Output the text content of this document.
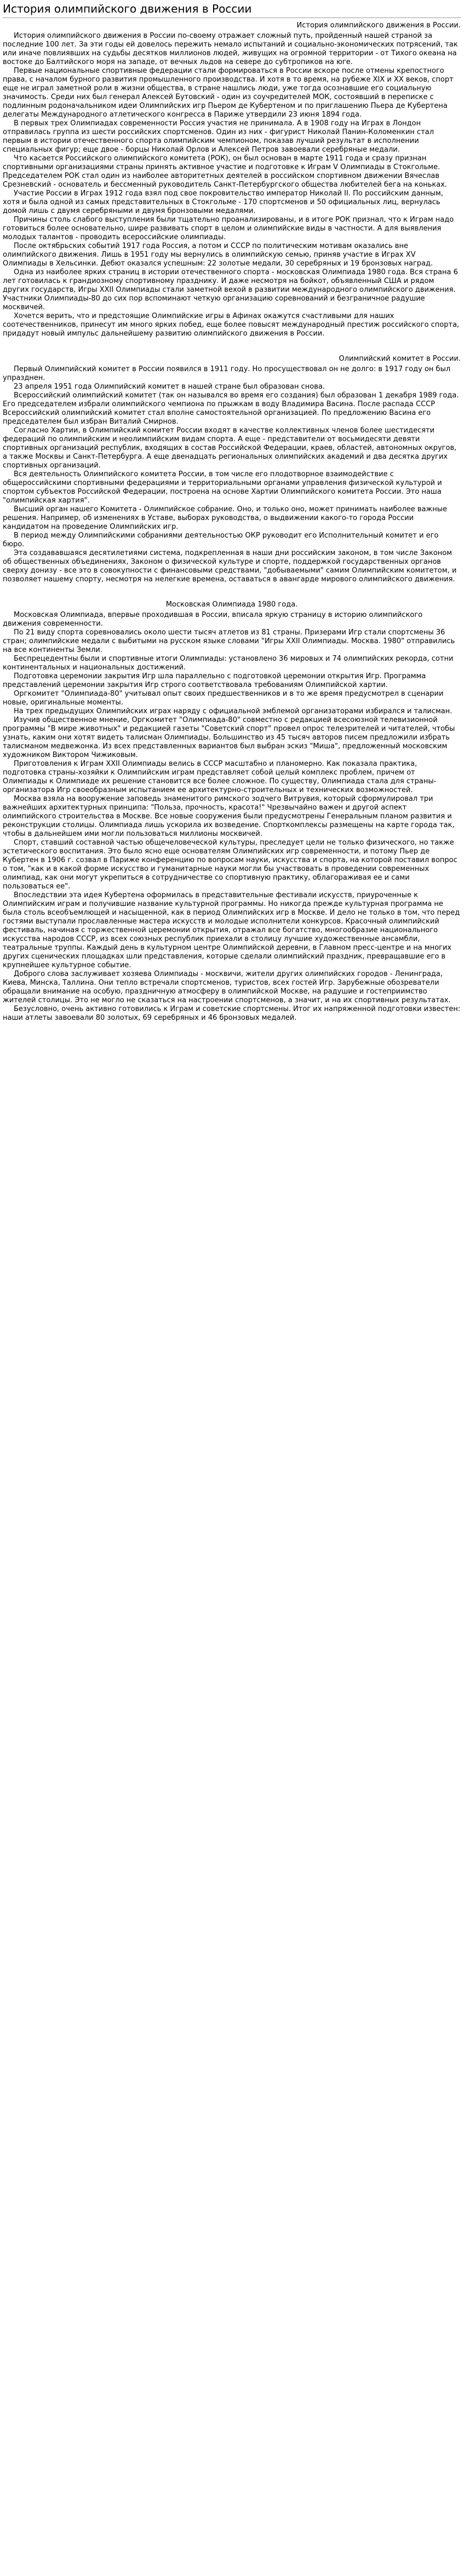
История олимпийского движения в России
История олимпийского движения в России.

История олимпийского движения в России по-своему отражает сложный путь, пройденный нашей страной за последние 100 лет. За эти годы ей довелось пережить немало испытаний и социально-экономических потрясений, так или иначе повлиявших на судьбы десятков миллионов людей, живущих на огромной территории - от Тихого океана на востоке до Балтийского моря на западе, от вечных льдов на севере до субтропиков на юге.

Первые национальные спортивные федерации стали формироваться в России вскоре после отмены крепостного права, с началом бурного развития промышленного производства. И хотя в то время, на рубеже XIX и XX веков, спорт еще не играл заметной роли в жизни общества, в стране нашлись люди, уже тогда осознавшие его социальную значимость. Среди них был генерал Алексей Бутовский - один из соучредителей МОК, состоявший в переписке с подлинным родоначальником идеи Олимпийских игр Пьером де Кубертеном и по приглашению Пьера де Кубертена делегаты Международного атлетического конгресса в Париже утвердили 23 июня 1894 года.

В первых трех Олимпиадах современности Россия участия не принимала. А в 1908 году на Играх в Лондон отправилась группа из шести российских спортсменов. Один из них - фигурист Николай Панин-Коломенкин стал первым в истории отечественного спорта олимпийским чемпионом, показав лучший результат в исполнении специальных фигур; еще двое - борцы Николай Орлов и Алексей Петров завоевали серебряные медали.

Что касается Российского олимпийского комитета (РОК), он был основан в марте 1911 года и сразу признан спортивными организациями страны принять активное участие и подготовке к Играм V Олимпиады в Стокгольме. Председателем РОК стал один из наиболее авторитетных деятелей в российском спортивном движении Вячеслав Срезневский - основатель и бессменный руководитель Санкт-Петербургского общества любителей бега на коньках.

Участие России в Играх 1912 года взял под свое покровительство император Николай II. По российским данным, хотя и была одной из самых представительных в Стокгольме - 170 спортсменов и 50 официальных лиц, вернулась домой лишь с двумя серебряными и двумя бронзовыми медалями.

Причины столь слабого выступления были тщательно проанализированы, и в итоге РОК признал, что к Играм надо готовиться более основательно, шире развивать спорт в целом и олимпийские виды в частности. А для выявления молодых талантов - проводить всероссийские олимпиады.

После октябрьских событий 1917 года Россия, а потом и СССР по политическим мотивам оказались вне олимпийского движения. Лишь в 1951 году мы вернулись в олимпийскую семью, приняв участие в Играх XV Олимпиады в Хельсинки. Дебют оказался успешным: 22 золотые медали, 30 серебряных и 19 бронзовых наград.

Одна из наиболее ярких страниц в истории отечественного спорта - московская Олимпиада 1980 года. Вся страна 6 лет готовилась к грандиозному спортивному празднику. И даже несмотря на бойкот, объявленный США и рядом других государств, Игры XXII Олимпиады стали заметной вехой в развитии международного олимпийского движения. Участники Олимпиады-80 до сих пор вспоминают четкую организацию соревнований и безграничное радушие москвичей.

Хочется верить, что и предстоящие Олимпийские игры в Афинах окажутся счастливыми для наших соотечественников, принесут им много ярких побед, еще более повысят международный престиж российского спорта, придадут новый импульс дальнейшему развитию олимпийского движения в России.

Олимпийский комитет в России.

Первый Олимпийский комитет в России появился в 1911 году. Но просуществовал он не долго: в 1917 году он был упразднен.

23 апреля 1951 года Олимпийский комитет в нашей стране был образован снова.

Всероссийский олимпийский комитет (так он назывался во время его создания) был образован 1 декабря 1989 года. Его председателем избрали олимпийского чемпиона по прыжкам в воду Владимира Васина. После распада СССР Всероссийский олимпийский комитет стал вполне самостоятельной организацией. По предложению Васина его председателем был избран Виталий Смирнов.

Согласно Хартии, в Олимпийский комитет России входят в качестве коллективных членов более шестидесяти федераций по олимпийским и неолимпийским видам спорта. А еще - представители от восьмидесяти девяти спортивных организаций республик, входящих в состав Российской Федерации, краев, областей, автономных округов, а также Москвы и Санкт-Петербурга. А еще двенадцать региональных олимпийских академий и два десятка других спортивных организаций.

Вся деятельность Олимпийского комитета России, в том числе его плодотворное взаимодействие с общероссийскими спортивными федерациями и территориальными органами управления физической культурой и спортом субъектов Российской Федерации, построена на основе Хартии Олимпийского комитета России. Это наша "олимпийская хартия".

Высший орган нашего Комитета - Олимпийское собрание. Оно, и только оно, может принимать наиболее важные решения. Например, об изменениях в Уставе, выборах руководства, о выдвижении какого-то города России кандидатом на проведение Олимпийских игр.

В период между Олимпийскими собраниями деятельностью ОКР руководит его Исполнительный комитет и его бюро.

Эта создававшаяся десятилетиями система, подкрепленная в наши дни российским законом, в том числе Законом об общественных объединениях, Законом о физической культуре и спорте, поддержкой государственных органов сверху донизу - все это в совокупности с финансовыми средствами, "добываемыми" самим Олимпийским комитетом, и позволяет нашему спорту, несмотря на нелегкие времена, оставаться в авангарде мирового олимпийского движения.

Московская Олимпиада 1980 года.

Московская Олимпиада, впервые проходившая в России, вписала яркую страницу в историю олимпийского движения современности.

По 21 виду спорта соревновались около шести тысяч атлетов из 81 страны. Призерами Игр стали спортсмены 36 стран; олимпийские медали с выбитыми на русском языке словами "Игры XXII Олимпиады. Москва. 1980" отправились на все континенты Земли.

Беспрецедентны были и спортивные итоги Олимпиады: установлено 36 мировых и 74 олимпийских рекорда, сотни континентальных и национальных достижений.

Подготовка церемонии закрытия Игр шла параллельно с подготовкой церемонии открытия Игр. Программа представлений церемонии закрытия Игр строго соответствовала требованиям Олимпийской хартии.

Оргкомитет "Олимпиада-80" учитывал опыт своих предшественников и в то же время предусмотрел в сценарии новые, оригинальные моменты.

На трех предыдущих Олимпийских играх наряду с официальной эмблемой организаторами избирался и талисман.

Изучив общественное мнение, Оргкомитет "Олимпиада-80" совместно с редакцией всесоюзной телевизионной программы "В мире животных" и редакцией газеты "Советский спорт" провел опрос телезрителей и читателей, чтобы узнать, каким они хотят видеть талисман Олимпиады. Большинство из 45 тысяч авторов писем предложили избрать талисманом медвежонка. Из всех представленных вариантов был выбран эскиз "Миша", предложенный московским художником Виктором Чижиковым.

Приготовления к Играм XXII Олимпиады велись в СССР масштабно и планомерно. Как показала практика, подготовка страны-хозяйки к Олимпийским играм представляет собой целый комплекс проблем, причем от Олимпиады к Олимпиаде их решение становится все более сложное. По существу, Олимпиада стала для страны-организатора Игр своеобразным испытанием ее архитектурно-строительных и технических возможностей.

Москва взяла на вооружение заповедь знаменитого римского зодчего Витрувия, который сформулировал три важнейших архитектурных принципа: "Польза, прочность, красота!" Чрезвычайно важен и другой аспект олимпийского строительства в Москве. Все новые сооружения были предусмотрены Генеральным планом развития и реконструкции столицы. Олимпиада лишь ускорила их возведение. Спорткомплексы размещены на карте города так, чтобы в дальнейшем ими могли пользоваться миллионы москвичей.

Спорт, ставший составной частью общечеловеческой культуры, преследует цели не только физического, но также эстетического воспитания. Это было ясно еще основателям Олимпийских игр современности, и потому Пьер де Кубертен в 1906 г. созвал в Париже конференцию по вопросам науки, искусства и спорта, на которой поставил вопрос о том, "как и в какой форме искусство и гуманитарные науки могли бы участвовать в проведении современных олимпиад, как они могут укрепиться в сотрудничестве со спортивную практику, облагораживая ее и сами пользоваться ее".

Впоследствии эта идея Кубертена оформилась в представительные фестивали искусств, приуроченные к Олимпийским играм и получившие название культурной программы. Но никогда прежде культурная программа не была столь всеобъемлющей и насыщенной, как в период Олимпийских игр в Москве. И дело не только в том, что перед гостями выступали прославленные мастера искусств и молодые исполнители конкурсов. Красочный олимпийский фестиваль, начиная с торжественной церемонии открытия, отражал все богатство, многообразие национального искусства народов СССР, из всех союзных республик приехали в столицу лучшие художественные ансамбли, театральные труппы. Каждый день в культурном центре Олимпийской деревни, в Главном пресс-центре и на многих других сценических площадках шли представления, которые сделали олимпийский праздник, превращавшие его в крупнейшее культурное событие.

Доброго слова заслуживает хозяева Олимпиады - москвичи, жители других олимпийских городов - Ленинграда, Киева, Минска, Таллина. Они тепло встречали спортсменов, туристов, всех гостей Игр. Зарубежные обозреватели обращали внимание на особую, праздничную атмосферу в олимпийской Москве, на радушие и гостеприимство жителей столицы. Это не могло не сказаться на настроении спортсменов, а значит, и на их спортивных результатах.

Безусловно, очень активно готовились к Играм и советские спортсмены. Итог их напряженной подготовки известен: наши атлеты завоевали 80 золотых, 69 серебряных и 46 бронзовых медалей.
